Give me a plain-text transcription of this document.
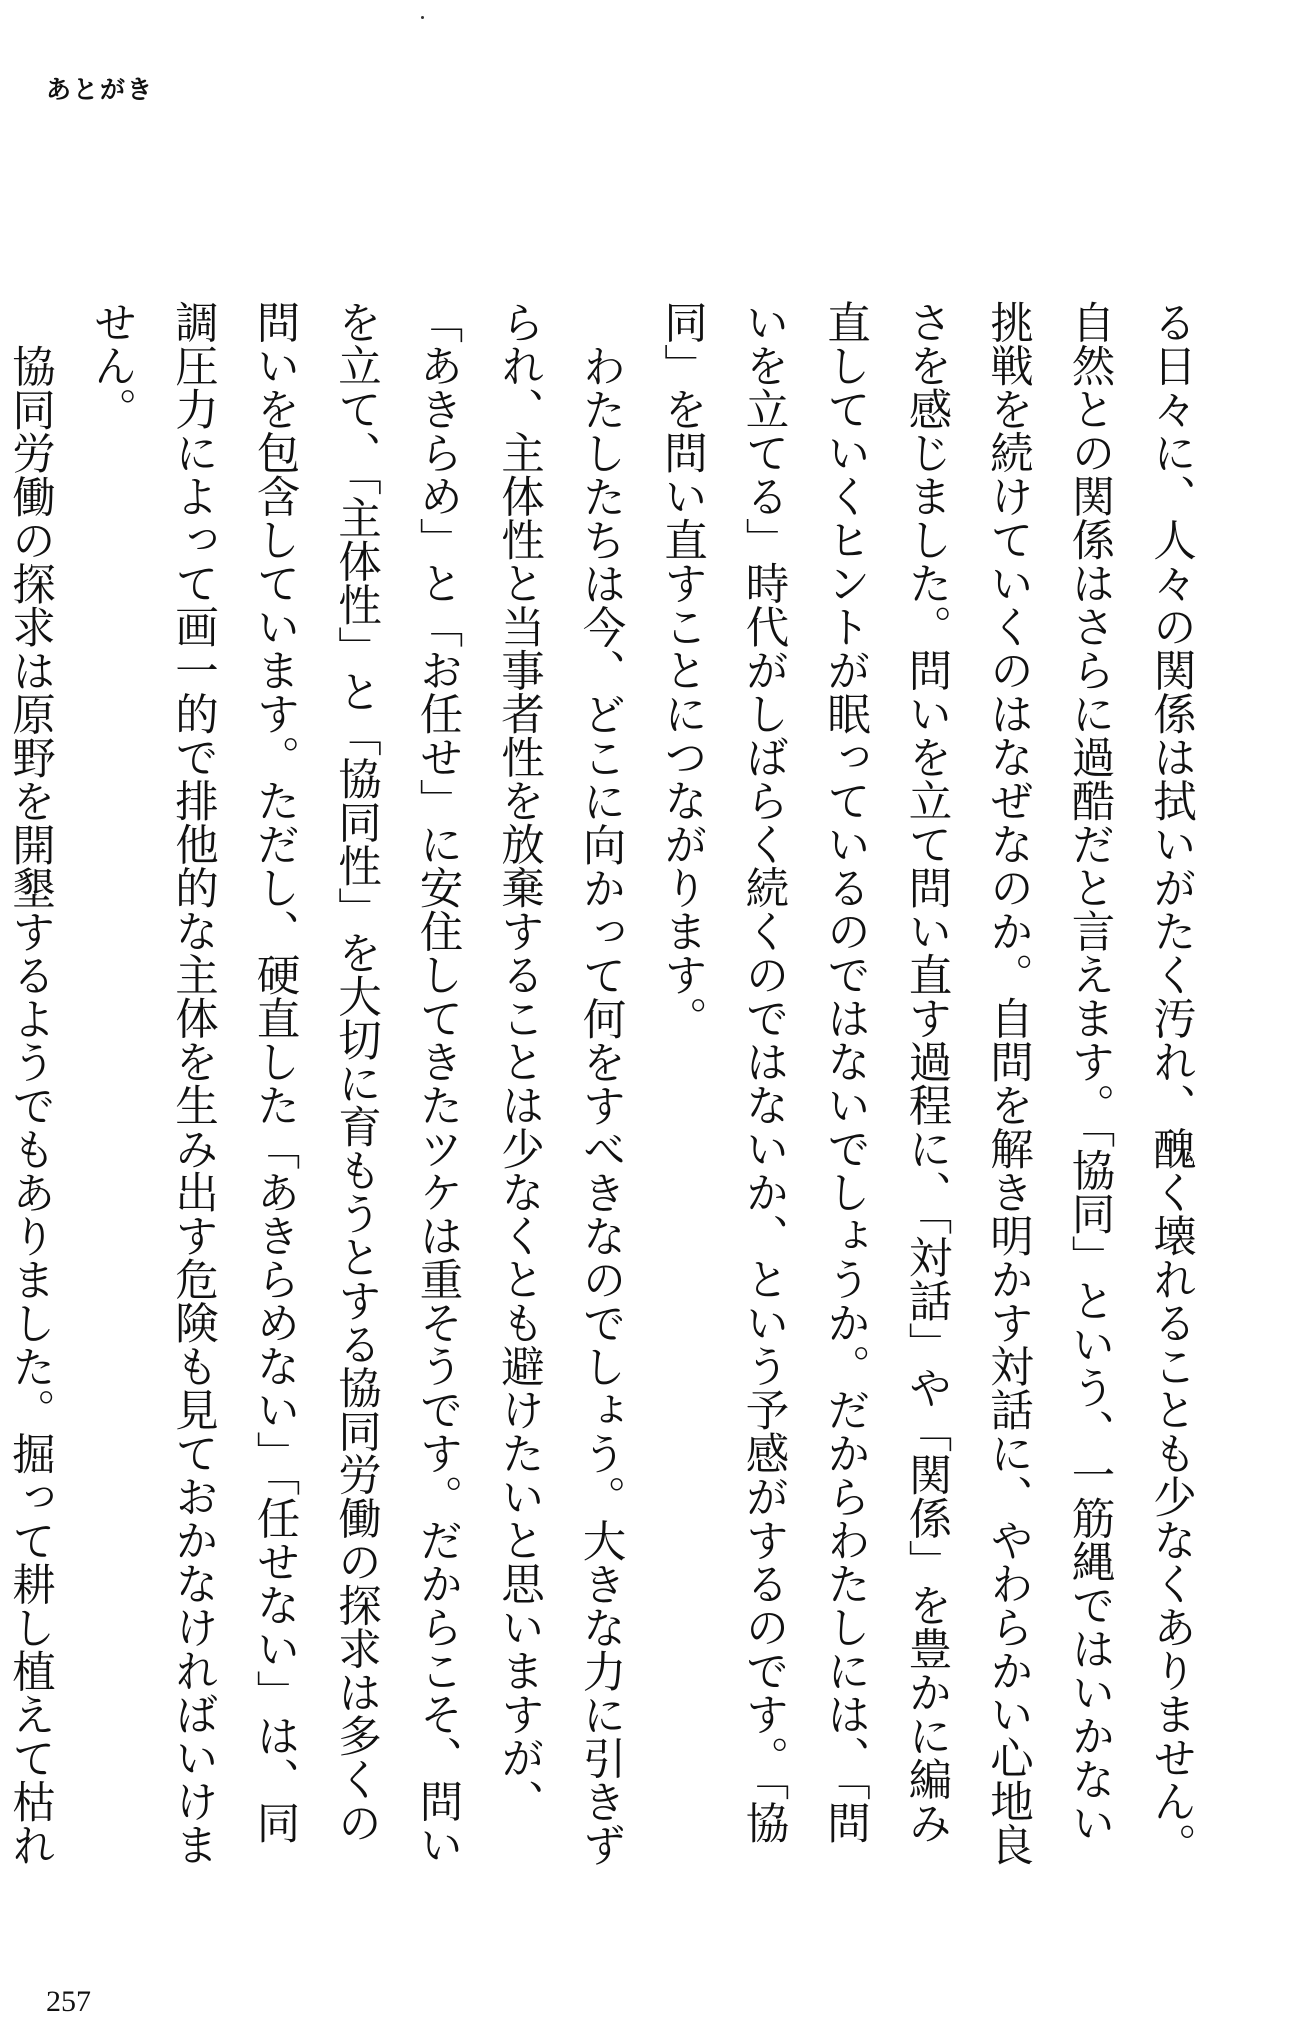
あとがき

る日々に、人々の関係は拭いがたく汚れ、醜く壊れることも少なくありません。自然との関係はさらに過酷だと言えます。「協同」という、一筋縄ではいかない挑戦を続けていくのはなぜなのか。自問を解き明かす対話に、やわらかい心地良さを感じました。問いを立て問い直す過程に、「対話」や「関係」を豊かに編み直していくヒントが眠っているのではないでしょうか。だからわたしには、「問いを立てる」時代がしばらく続くのではないか、という予感がするのです。「協同」を問い直すことにつながります。

わたしたちは今、どこに向かって何をすべきなのでしょう。大きな力に引きずられ、主体性と当事者性を放棄することは少なくとも避けたいと思いますが、「あきらめ」と「お任せ」に安住してきたツケは重そうです。だからこそ、問いを立て、「主体性」と「協同性」を大切に育もうとする協同労働の探求は多くの問いを包含しています。ただし、硬直した「あきらめない」「任せない」は、同調圧力によって画一的で排他的な主体を生み出す危険も見ておかなければいけません。

協同労働の探求は原野を開墾するようでもありました。掘って耕し植えて枯れ

257
